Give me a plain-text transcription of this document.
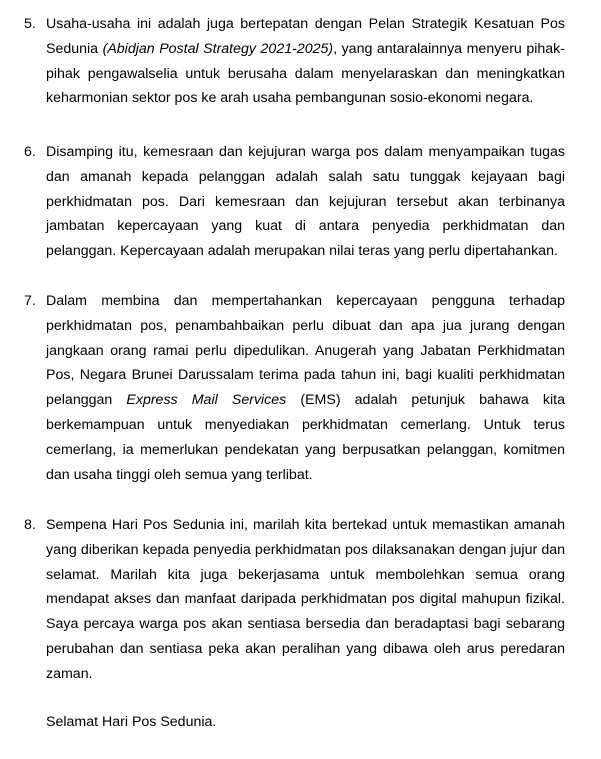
5. Usaha-usaha ini adalah juga bertepatan dengan Pelan Strategik Kesatuan Pos Sedunia (Abidjan Postal Strategy 2021-2025), yang antaralainnya menyeru pihak-pihak pengawalselia untuk berusaha dalam menyelaraskan dan meningkatkan keharmonian sektor pos ke arah usaha pembangunan sosio-ekonomi negara.

6. Disamping itu, kemesraan dan kejujuran warga pos dalam menyampaikan tugas dan amanah kepada pelanggan adalah salah satu tunggak kejayaan bagi perkhidmatan pos. Dari kemesraan dan kejujuran tersebut akan terbinanya jambatan kepercayaan yang kuat di antara penyedia perkhidmatan dan pelanggan. Kepercayaan adalah merupakan nilai teras yang perlu dipertahankan.

7. Dalam membina dan mempertahankan kepercayaan pengguna terhadap perkhidmatan pos, penambahbaikan perlu dibuat dan apa jua jurang dengan jangkaan orang ramai perlu dipedulikan. Anugerah yang Jabatan Perkhidmatan Pos, Negara Brunei Darussalam terima pada tahun ini, bagi kualiti perkhidmatan pelanggan Express Mail Services (EMS) adalah petunjuk bahawa kita berkemampuan untuk menyediakan perkhidmatan cemerlang. Untuk terus cemerlang, ia memerlukan pendekatan yang berpusatkan pelanggan, komitmen dan usaha tinggi oleh semua yang terlibat.

8. Sempena Hari Pos Sedunia ini, marilah kita bertekad untuk memastikan amanah yang diberikan kepada penyedia perkhidmatan pos dilaksanakan dengan jujur dan selamat. Marilah kita juga bekerjasama untuk membolehkan semua orang mendapat akses dan manfaat daripada perkhidmatan pos digital mahupun fizikal. Saya percaya warga pos akan sentiasa bersedia dan beradaptasi bagi sebarang perubahan dan sentiasa peka akan peralihan yang dibawa oleh arus peredaran zaman.

Selamat Hari Pos Sedunia.
